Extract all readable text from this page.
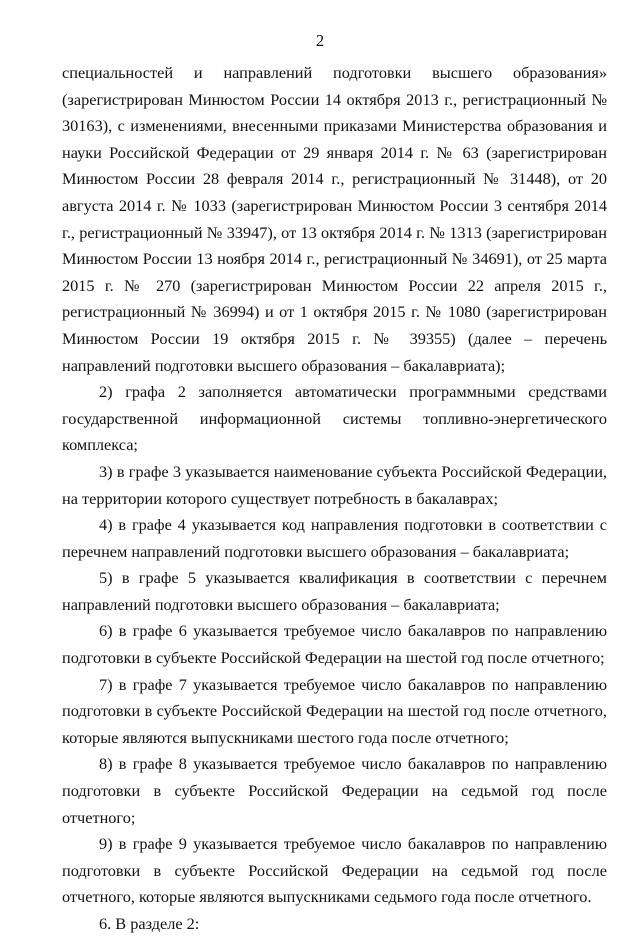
2

специальностей и направлений подготовки высшего образования» (зарегистрирован Минюстом России 14 октября 2013 г., регистрационный № 30163), с изменениями, внесенными приказами Министерства образования и науки Российской Федерации от 29 января 2014 г. № 63 (зарегистрирован Минюстом России 28 февраля 2014 г., регистрационный № 31448), от 20 августа 2014 г. № 1033 (зарегистрирован Минюстом России 3 сентября 2014 г., регистрационный № 33947), от 13 октября 2014 г. № 1313 (зарегистрирован Минюстом России 13 ноября 2014 г., регистрационный № 34691), от 25 марта 2015 г. № 270 (зарегистрирован Минюстом России 22 апреля 2015 г., регистрационный № 36994) и от 1 октября 2015 г. № 1080 (зарегистрирован Минюстом России 19 октября 2015 г. № 39355) (далее – перечень направлений подготовки высшего образования – бакалавриата);

2) графа 2 заполняется автоматически программными средствами государственной информационной системы топливно-энергетического комплекса;

3) в графе 3 указывается наименование субъекта Российской Федерации, на территории которого существует потребность в бакалаврах;

4) в графе 4 указывается код направления подготовки в соответствии с перечнем направлений подготовки высшего образования – бакалавриата;

5) в графе 5 указывается квалификация в соответствии с перечнем направлений подготовки высшего образования – бакалавриата;

6) в графе 6 указывается требуемое число бакалавров по направлению подготовки в субъекте Российской Федерации на шестой год после отчетного;

7) в графе 7 указывается требуемое число бакалавров по направлению подготовки в субъекте Российской Федерации на шестой год после отчетного, которые являются выпускниками шестого года после отчетного;

8) в графе 8 указывается требуемое число бакалавров по направлению подготовки в субъекте Российской Федерации на седьмой год после отчетного;

9) в графе 9 указывается требуемое число бакалавров по направлению подготовки в субъекте Российской Федерации на седьмой год после отчетного, которые являются выпускниками седьмого года после отчетного.

6. В разделе 2:
